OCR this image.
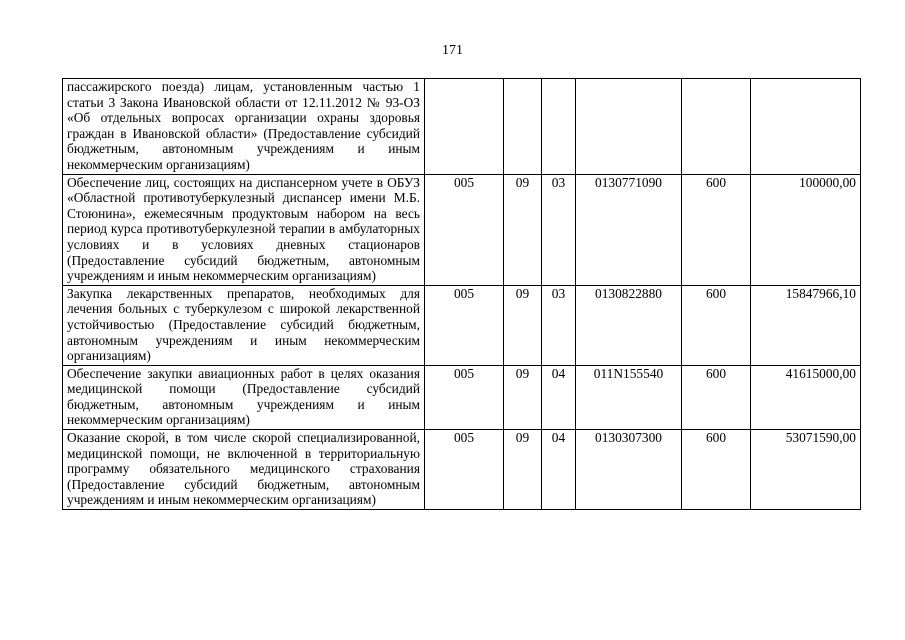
171
пассажирского поезда) лицам, установленным частью 1 статьи 3 Закона Ивановской области от 12.11.2012 № 93-ОЗ «Об отдельных вопросах организации охраны здоровья граждан в Ивановской области» (Предоставление субсидий бюджетным, автономным учреждениям и иным некоммерческим организациям)						
Обеспечение лиц, состоящих на диспансерном учете в ОБУЗ «Областной противотуберкулезный диспансер имени М.Б. Стоюнина», ежемесячным продуктовым набором на весь период курса противотуберкулезной терапии в амбулаторных условиях и в условиях дневных стационаров (Предоставление субсидий бюджетным, автономным учреждениям и иным некоммерческим организациям)	005	09	03	0130771090	600	100000,00
Закупка лекарственных препаратов, необходимых для лечения больных с туберкулезом с широкой лекарственной устойчивостью (Предоставление субсидий бюджетным, автономным учреждениям и иным некоммерческим организациям)	005	09	03	0130822880	600	15847966,10
Обеспечение закупки авиационных работ в целях оказания медицинской помощи (Предоставление субсидий бюджетным, автономным учреждениям и иным некоммерческим организациям)	005	09	04	011N155540	600	41615000,00
Оказание скорой, в том числе скорой специализированной, медицинской помощи, не включенной в территориальную программу обязательного медицинского страхования (Предоставление субсидий бюджетным, автономным учреждениям и иным некоммерческим организациям)	005	09	04	0130307300	600	53071590,00
